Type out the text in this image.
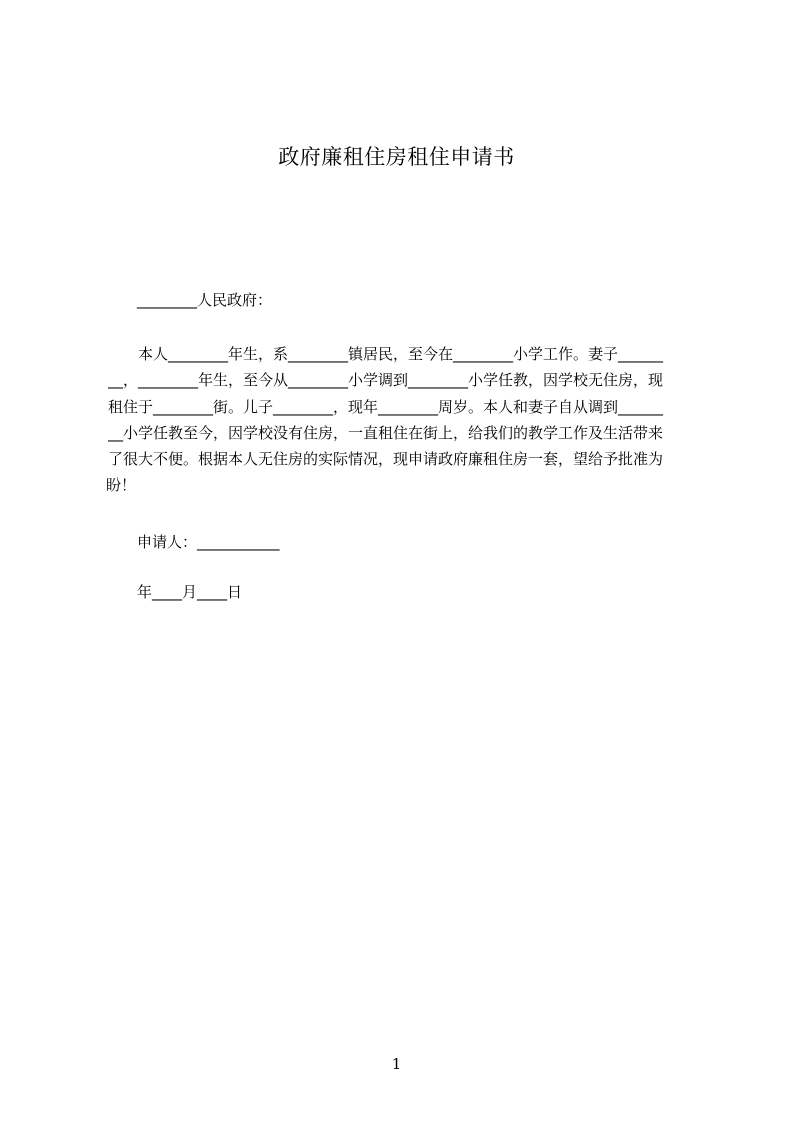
政府廉租住房租住申请书
________人民政府：
本人________年生，系________镇居民，至今在________小学工作。妻子______
__，________年生，至今从________小学调到________小学任教，因学校无住房，现
租住于________街。儿子________，现年________周岁。本人和妻子自从调到______
__小学任教至今，因学校没有住房，一直租住在街上，给我们的教学工作及生活带来
了很大不便。根据本人无住房的实际情况，现申请政府廉租住房一套，望给予批准为
盼！
申请人：___________
年____月____日
1
